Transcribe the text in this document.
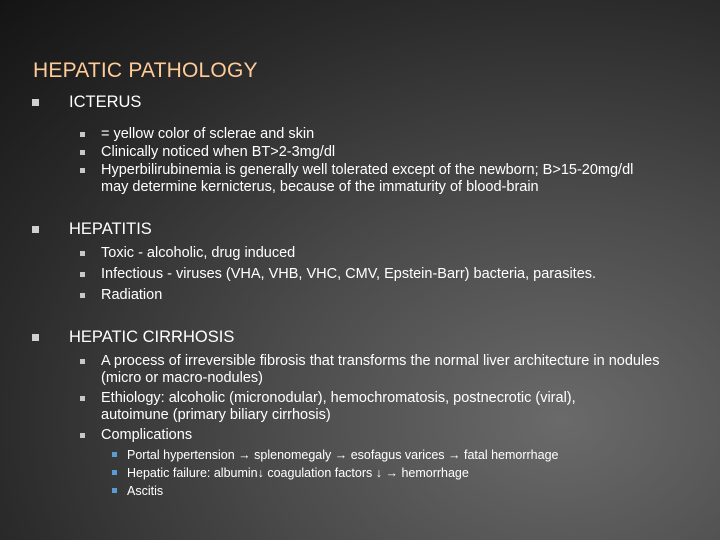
HEPATIC PATHOLOGY
ICTERUS
= yellow color of sclerae and skin
Clinically noticed when BT>2-3mg/dl
Hyperbilirubinemia is generally well tolerated except of the newborn; B>15-20mg/dl may determine kernicterus, because of the immaturity of blood-brain
HEPATITIS
Toxic - alcoholic, drug induced
Infectious - viruses (VHA, VHB, VHC, CMV, Epstein-Barr) bacteria, parasites.
Radiation
HEPATIC CIRRHOSIS
A process of irreversible fibrosis that transforms the normal liver architecture in nodules (micro or macro-nodules)
Ethiology: alcoholic (micronodular), hemochromatosis, postnecrotic (viral), autoimune (primary biliary cirrhosis)
Complications
Portal hypertension → splenomegaly → esofagus varices → fatal hemorrhage
Hepatic failure: albumin↓ coagulation factors ↓ → hemorrhage
Ascitis
